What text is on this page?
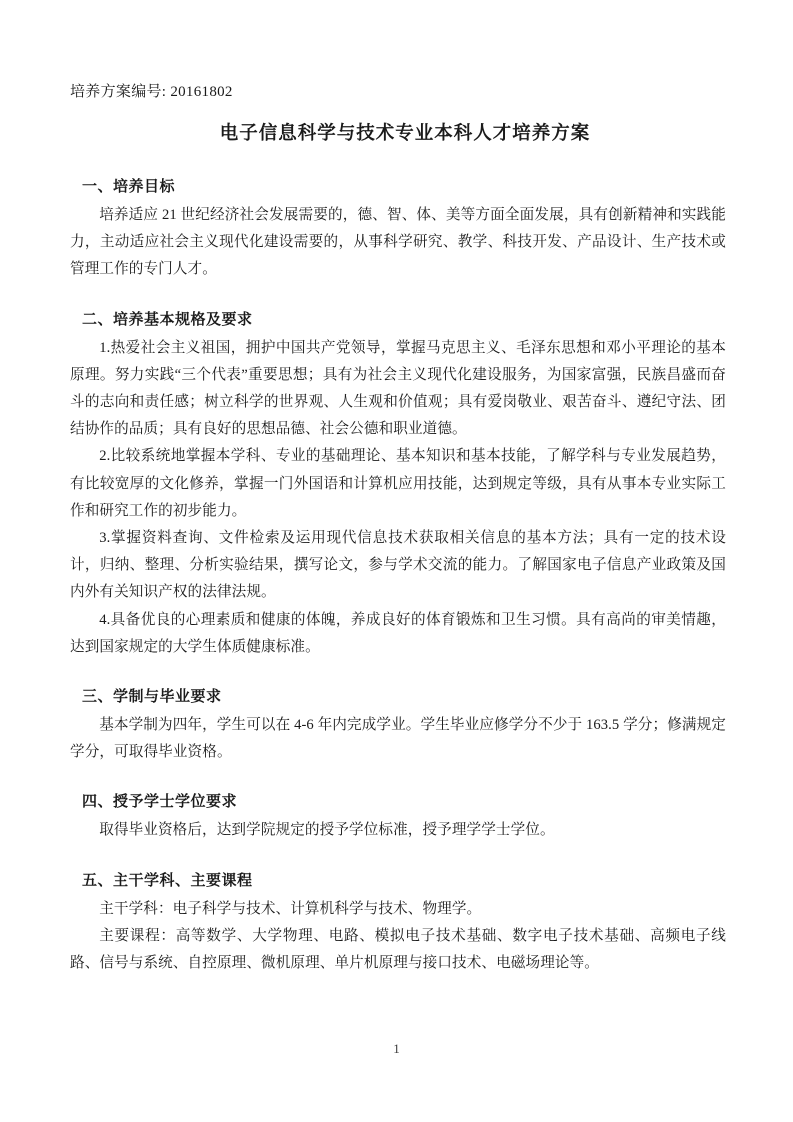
培养方案编号: 20161802
电子信息科学与技术专业本科人才培养方案
一、培养目标

培养适应 21 世纪经济社会发展需要的，德、智、体、美等方面全面发展，具有创新精神和实践能力，主动适应社会主义现代化建设需要的，从事科学研究、教学、科技开发、产品设计、生产技术或管理工作的专门人才。

二、培养基本规格及要求

1.热爱社会主义祖国，拥护中国共产党领导，掌握马克思主义、毛泽东思想和邓小平理论的基本原理。努力实践“三个代表”重要思想；具有为社会主义现代化建设服务，为国家富强，民族昌盛而奋斗的志向和责任感；树立科学的世界观、人生观和价值观；具有爱岗敬业、艰苦奋斗、遵纪守法、团结协作的品质；具有良好的思想品德、社会公德和职业道德。

2.比较系统地掌握本学科、专业的基础理论、基本知识和基本技能，了解学科与专业发展趋势，有比较宽厚的文化修养，掌握一门外国语和计算机应用技能，达到规定等级，具有从事本专业实际工作和研究工作的初步能力。

3.掌握资料查询、文件检索及运用现代信息技术获取相关信息的基本方法；具有一定的技术设计，归纳、整理、分析实验结果，撰写论文，参与学术交流的能力。了解国家电子信息产业政策及国内外有关知识产权的法律法规。

4.具备优良的心理素质和健康的体魄，养成良好的体育锻炼和卫生习惯。具有高尚的审美情趣，达到国家规定的大学生体质健康标准。

三、学制与毕业要求

基本学制为四年，学生可以在 4-6 年内完成学业。学生毕业应修学分不少于 163.5 学分；修满规定学分，可取得毕业资格。

四、授予学士学位要求

取得毕业资格后，达到学院规定的授予学位标准，授予理学学士学位。

五、主干学科、主要课程

主干学科：电子科学与技术、计算机科学与技术、物理学。

主要课程：高等数学、大学物理、电路、模拟电子技术基础、数字电子技术基础、高频电子线路、信号与系统、自控原理、微机原理、单片机原理与接口技术、电磁场理论等。

1
